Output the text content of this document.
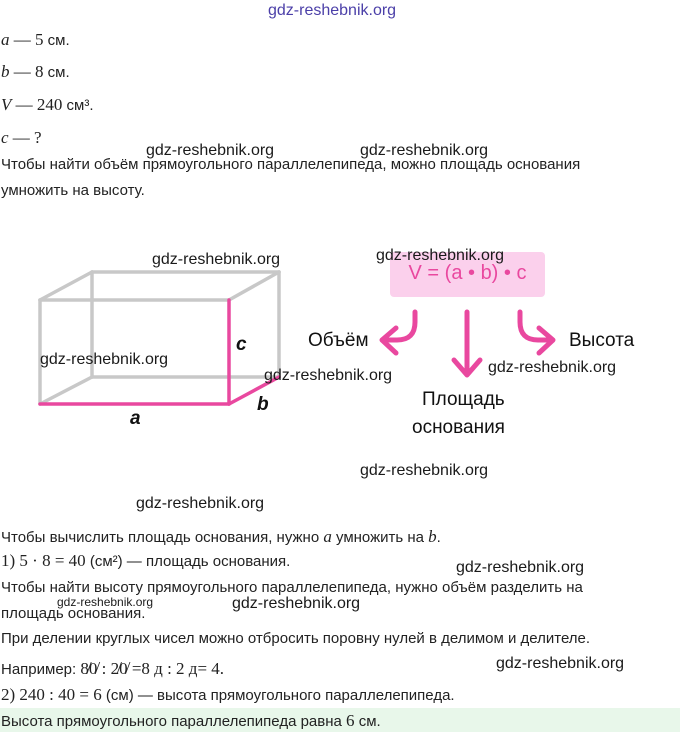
gdz-reshebnik.org
a — 5 см.
b — 8 см.
V — 240 см³.
c — ?
gdz-reshebnik.org	gdz-reshebnik.org
Чтобы найти объём прямоугольного параллелепипеда, можно площадь основания
умножить на высоту.
V = (a • b) • c
Объём	Высота
Площадь
основания
a
b
c
gdz-reshebnik.org	gdz-reshebnik.org
gdz-reshebnik.org
gdz-reshebnik.org	gdz-reshebnik.org
gdz-reshebnik.org
gdz-reshebnik.org
Чтобы вычислить площадь основания, нужно a умножить на b.
1) 5 · 8 = 40 (см²) — площадь основания.	gdz-reshebnik.org
Чтобы найти высоту прямоугольного параллелепипеда, нужно объём разделить на
площадь основания.
gdz-reshebnik.org	gdz-reshebnik.org
При делении круглых чисел можно отбросить поровну нулей в делимом и делителе.
Например: 8̸0̸ : 2̸0̸ =8 д : 2 д= 4.	gdz-reshebnik.org
2) 240 : 40 = 6 (см) — высота прямоугольного параллелепипеда.
Высота прямоугольного параллелепипеда равна 6 см.
